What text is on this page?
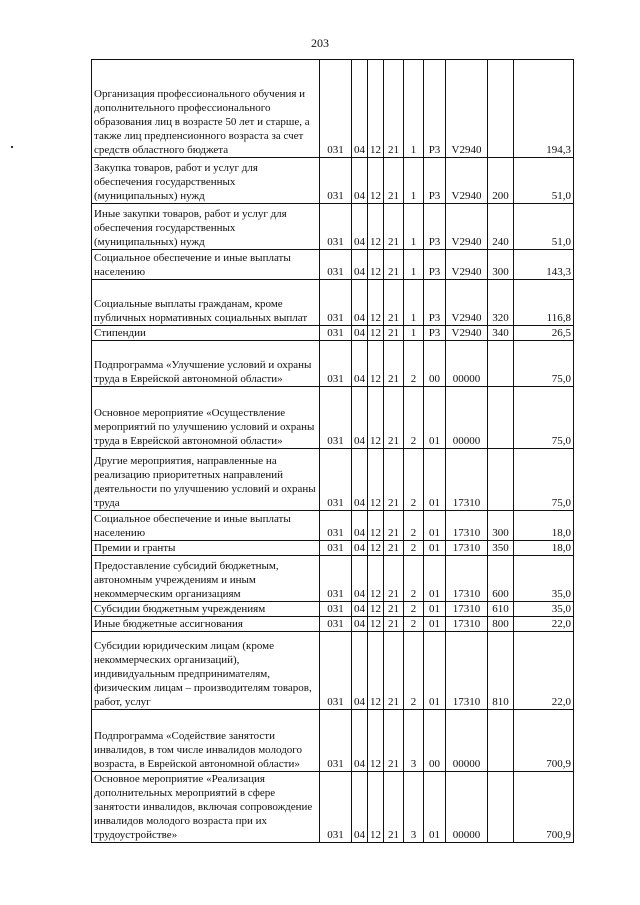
203
Организация профессионального обучения и дополнительного профессионального образования лиц в возрасте 50 лет и старше, а также лиц предпенсионного возраста за счет средств областного бюджета	031	04	12	21	1	P3	V2940		194,3
Закупка товаров, работ и услуг для обеспечения государственных (муниципальных) нужд	031	04	12	21	1	P3	V2940	200	51,0
Иные закупки товаров, работ и услуг для обеспечения государственных (муниципальных) нужд	031	04	12	21	1	P3	V2940	240	51,0
Социальное обеспечение и иные выплаты населению	031	04	12	21	1	P3	V2940	300	143,3
Социальные выплаты гражданам, кроме публичных нормативных социальных выплат	031	04	12	21	1	P3	V2940	320	116,8
Стипендии	031	04	12	21	1	P3	V2940	340	26,5
Подпрограмма «Улучшение условий и охраны труда в Еврейской автономной области»	031	04	12	21	2	00	00000		75,0
Основное мероприятие «Осуществление мероприятий по улучшению условий и охраны труда в Еврейской автономной области»	031	04	12	21	2	01	00000		75,0
Другие мероприятия, направленные на реализацию приоритетных направлений деятельности по улучшению условий и охраны труда	031	04	12	21	2	01	17310		75,0
Социальное обеспечение и иные выплаты населению	031	04	12	21	2	01	17310	300	18,0
Премии и гранты	031	04	12	21	2	01	17310	350	18,0
Предоставление субсидий бюджетным, автономным учреждениям и иным некоммерческим организациям	031	04	12	21	2	01	17310	600	35,0
Субсидии бюджетным учреждениям	031	04	12	21	2	01	17310	610	35,0
Иные бюджетные ассигнования	031	04	12	21	2	01	17310	800	22,0
Субсидии юридическим лицам (кроме некоммерческих организаций), индивидуальным предпринимателям, физическим лицам – производителям товаров, работ, услуг	031	04	12	21	2	01	17310	810	22,0
Подпрограмма «Содействие занятости инвалидов, в том числе инвалидов молодого возраста, в Еврейской автономной области»	031	04	12	21	3	00	00000		700,9
Основное мероприятие «Реализация дополнительных мероприятий в сфере занятости инвалидов, включая сопровождение инвалидов молодого возраста при их трудоустройстве»	031	04	12	21	3	01	00000		700,9
